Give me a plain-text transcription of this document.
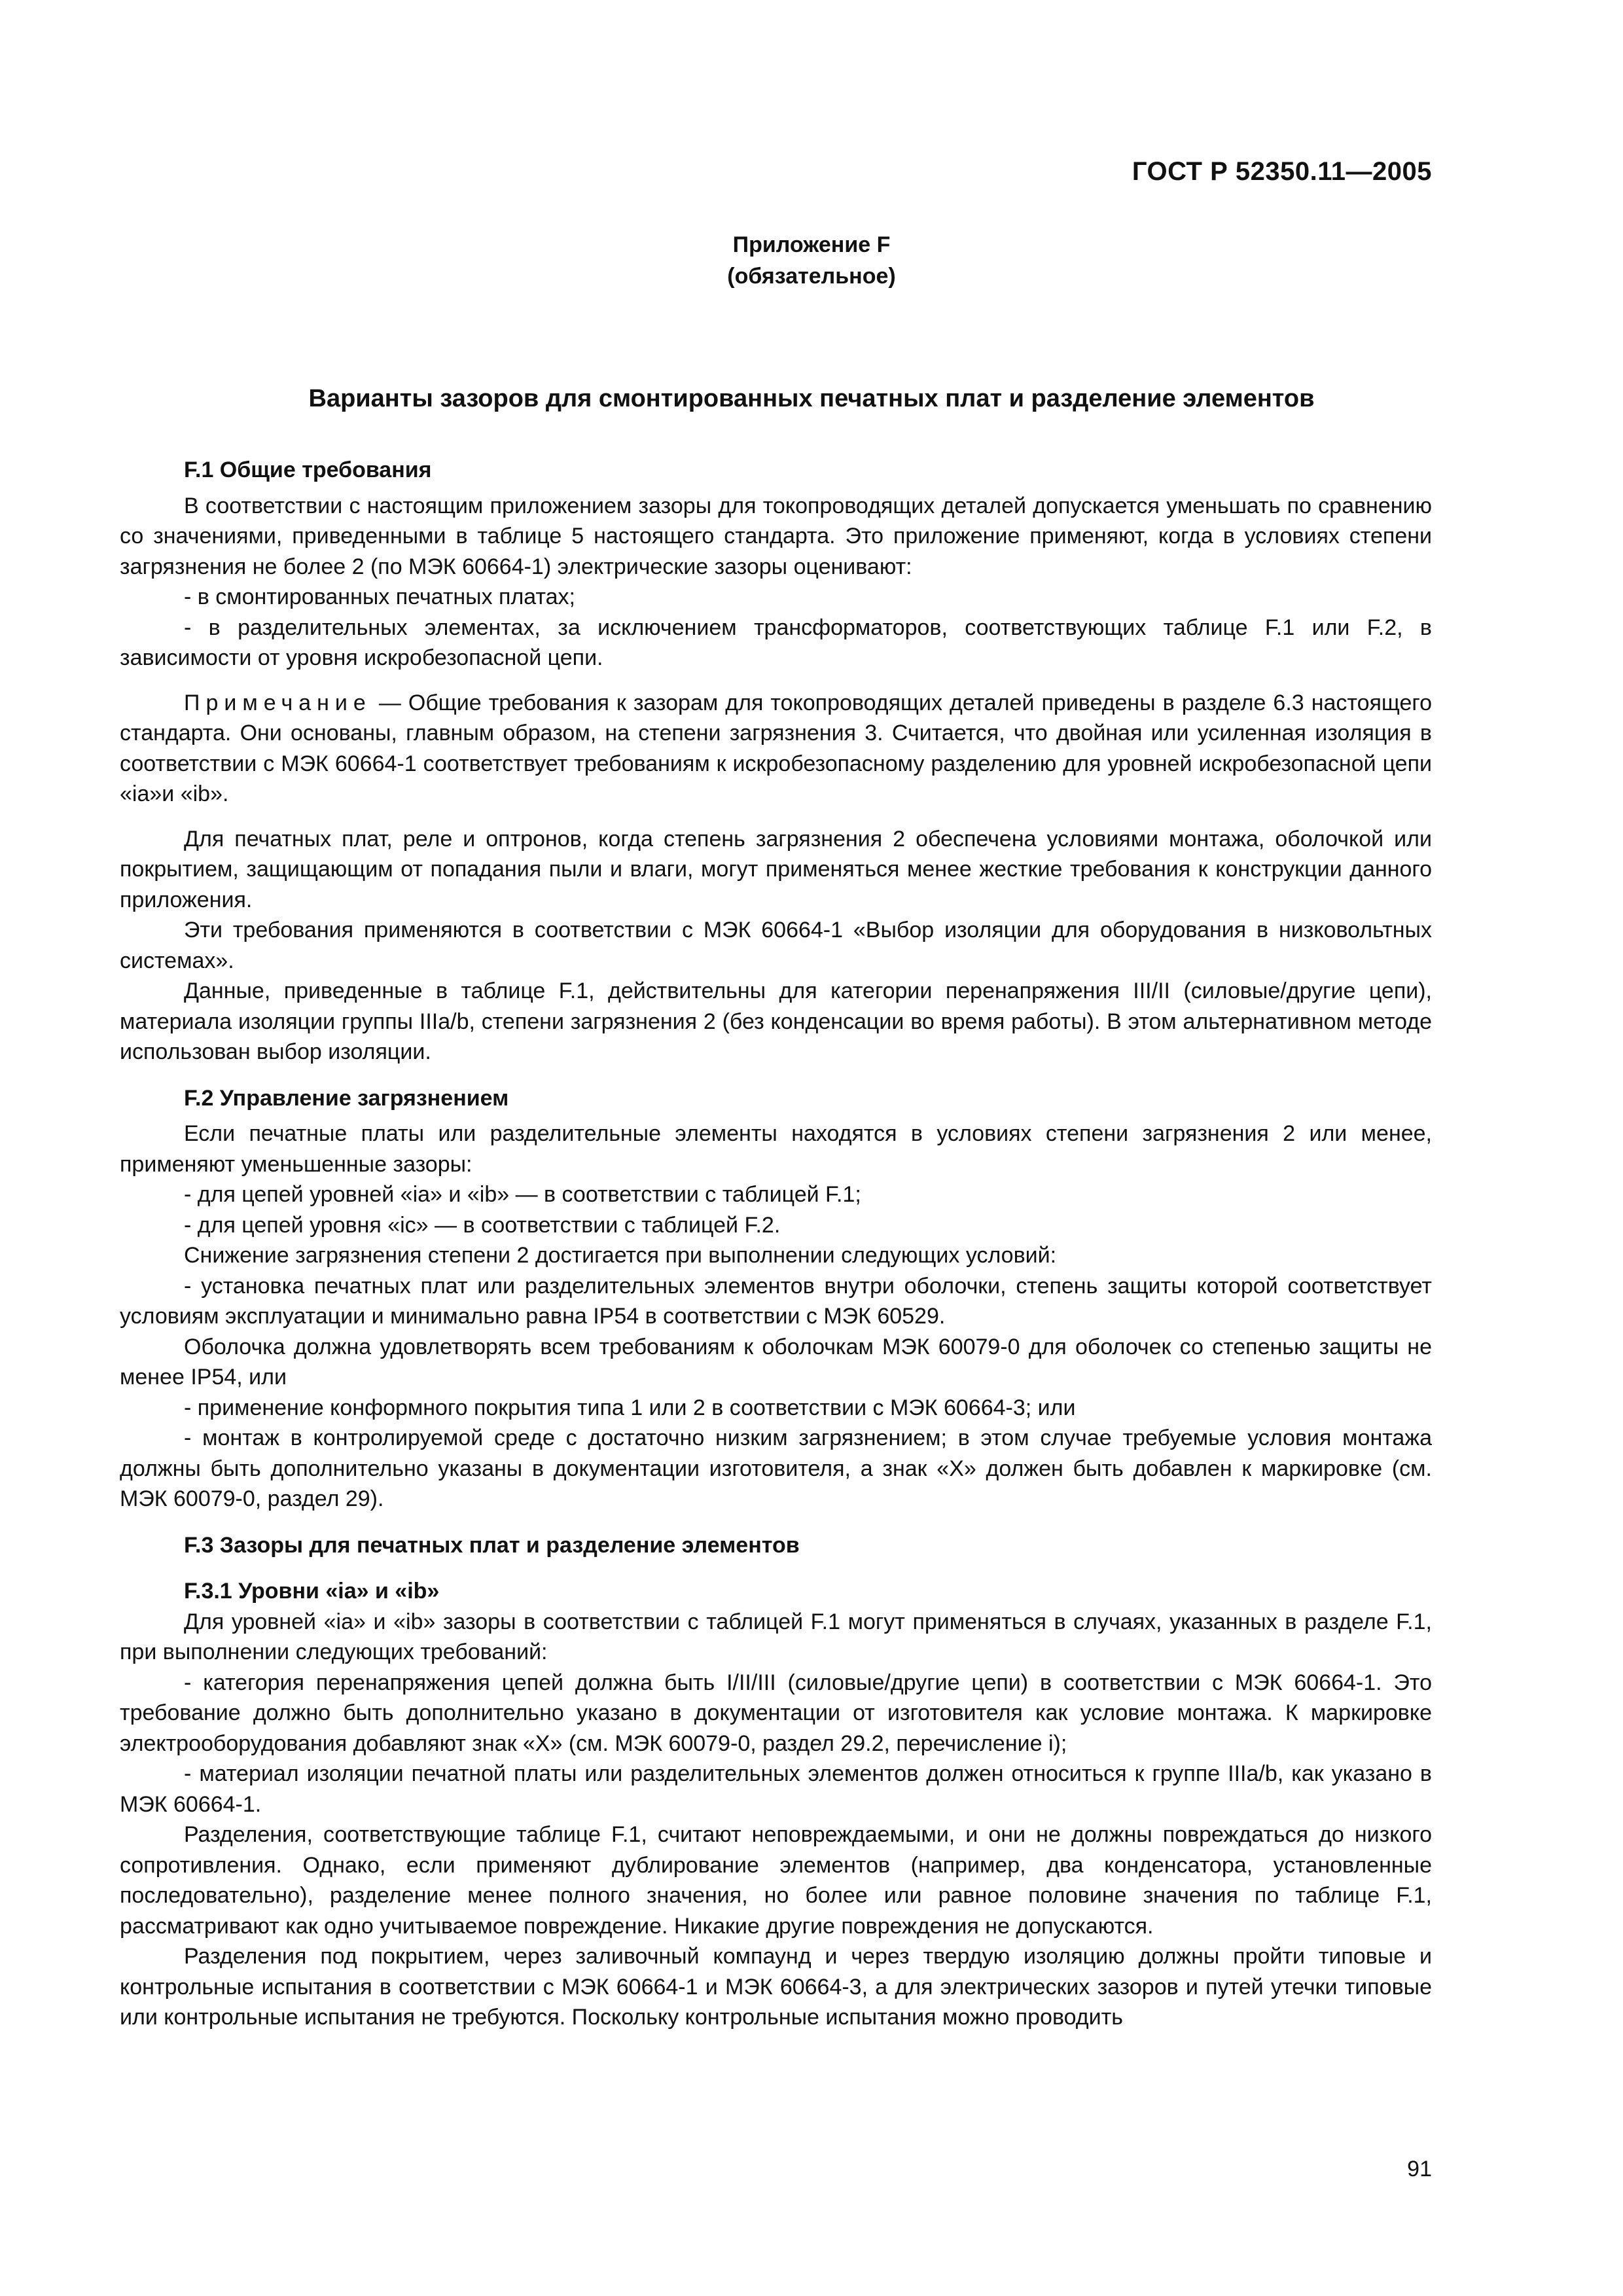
ГОСТ Р 52350.11—2005
Приложение F
(обязательное)
Варианты зазоров для смонтированных печатных плат и разделение элементов
F.1 Общие требования

В соответствии с настоящим приложением зазоры для токопроводящих деталей допускается уменьшать по сравнению со значениями, приведенными в таблице 5 настоящего стандарта. Это приложение применяют, когда в условиях степени загрязнения не более 2 (по МЭК 60664-1) электрические зазоры оценивают:

- в смонтированных печатных платах;

- в разделительных элементах, за исключением трансформаторов, соответствующих таблице F.1 или F.2, в зависимости от уровня искробезопасной цепи.

Примечание — Общие требования к зазорам для токопроводящих деталей приведены в разделе 6.3 настоящего стандарта. Они основаны, главным образом, на степени загрязнения 3. Считается, что двойная или усиленная изоляция в соответствии с МЭК 60664-1 соответствует требованиям к искробезопасному разделению для уровней искробезопасной цепи «ia»и «ib».

Для печатных плат, реле и оптронов, когда степень загрязнения 2 обеспечена условиями монтажа, оболочкой или покрытием, защищающим от попадания пыли и влаги, могут применяться менее жесткие требования к конструкции данного приложения.

Эти требования применяются в соответствии с МЭК 60664-1 «Выбор изоляции для оборудования в низковольтных системах».

Данные, приведенные в таблице F.1, действительны для категории перенапряжения III/II (силовые/другие цепи), материала изоляции группы IIIa/b, степени загрязнения 2 (без конденсации во время работы). В этом альтернативном методе использован выбор изоляции.

F.2 Управление загрязнением

Если печатные платы или разделительные элементы находятся в условиях степени загрязнения 2 или менее, применяют уменьшенные зазоры:

- для цепей уровней «ia» и «ib» — в соответствии с таблицей F.1;

- для цепей уровня «ic» — в соответствии с таблицей F.2.

Снижение загрязнения степени 2 достигается при выполнении следующих условий:

- установка печатных плат или разделительных элементов внутри оболочки, степень защиты которой соответствует условиям эксплуатации и минимально равна IP54 в соответствии с МЭК 60529.

Оболочка должна удовлетворять всем требованиям к оболочкам МЭК 60079-0 для оболочек со степенью защиты не менее IP54, или

- применение конформного покрытия типа 1 или 2 в соответствии с МЭК 60664-3; или

- монтаж в контролируемой среде с достаточно низким загрязнением; в этом случае требуемые условия монтажа должны быть дополнительно указаны в документации изготовителя, а знак «X» должен быть добавлен к маркировке (см. МЭК 60079-0, раздел 29).

F.3 Зазоры для печатных плат и разделение элементов
F.3.1 Уровни «ia» и «ib»

Для уровней «ia» и «ib» зазоры в соответствии с таблицей F.1 могут применяться в случаях, указанных в разделе F.1, при выполнении следующих требований:

- категория перенапряжения цепей должна быть I/II/III (силовые/другие цепи) в соответствии с МЭК 60664-1. Это требование должно быть дополнительно указано в документации от изготовителя как условие монтажа. К маркировке электрооборудования добавляют знак «X» (см. МЭК 60079-0, раздел 29.2, перечисление i);

- материал изоляции печатной платы или разделительных элементов должен относиться к группе IIIa/b, как указано в МЭК 60664-1.

Разделения, соответствующие таблице F.1, считают неповреждаемыми, и они не должны повреждаться до низкого сопротивления. Однако, если применяют дублирование элементов (например, два конденсатора, установленные последовательно), разделение менее полного значения, но более или равное половине значения по таблице F.1, рассматривают как одно учитываемое повреждение. Никакие другие повреждения не допускаются.

Разделения под покрытием, через заливочный компаунд и через твердую изоляцию должны пройти типовые и контрольные испытания в соответствии с МЭК 60664-1 и МЭК 60664-3, а для электрических зазоров и путей утечки типовые или контрольные испытания не требуются. Поскольку контрольные испытания можно проводить

91
